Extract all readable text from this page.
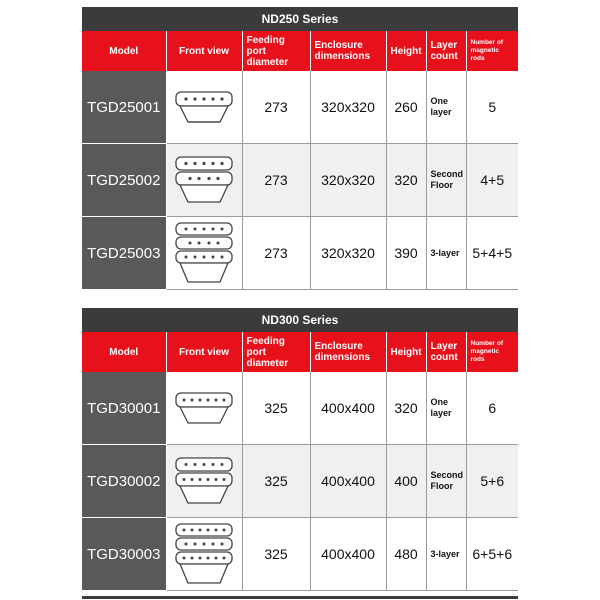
ND250 Series
Model	Front view	Feeding port diameter	Enclosure dimensions	Height	Layer count	Number of magnetic rods
TGD25001		273	320x320	260	One layer	5
TGD25002		273	320x320	320	Second Floor	4+5
TGD25003		273	320x320	390	3-layer	5+4+5
ND300 Series
Model	Front view	Feeding port diameter	Enclosure dimensions	Height	Layer count	Number of magnetic rods
TGD30001		325	400x400	320	One layer	6
TGD30002		325	400x400	400	Second Floor	5+6
TGD30003		325	400x400	480	3-layer	6+5+6
